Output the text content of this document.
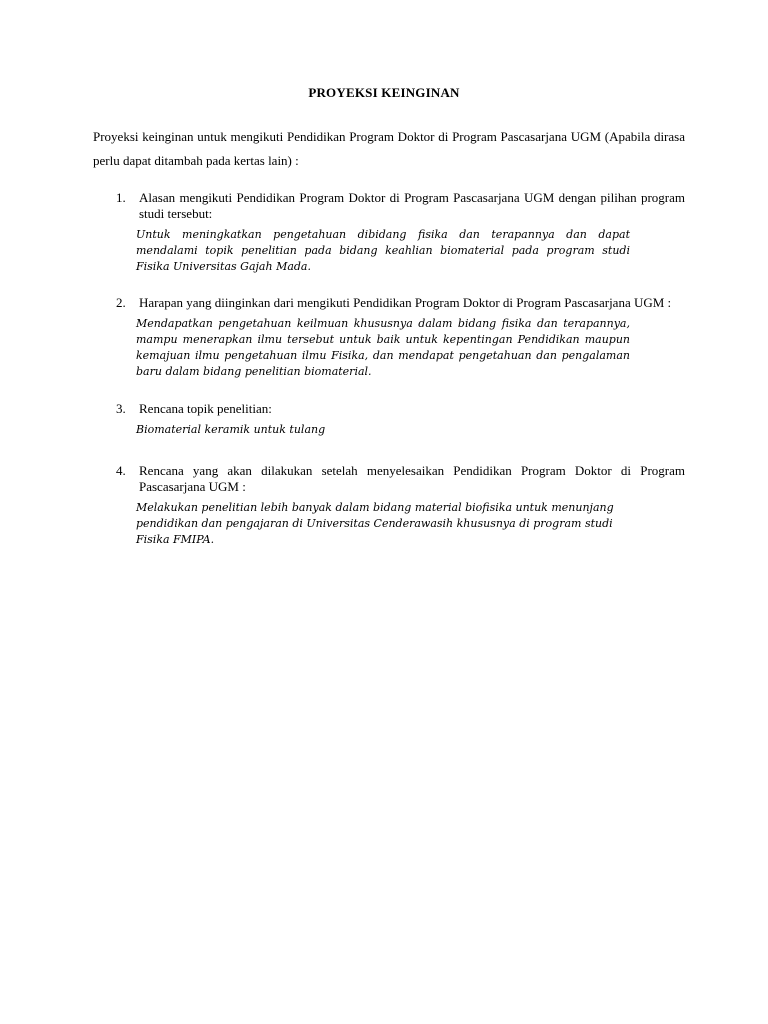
PROYEKSI KEINGINAN
Proyeksi keinginan untuk mengikuti Pendidikan Program Doktor di Program Pascasarjana UGM (Apabila dirasa perlu dapat ditambah pada kertas lain) :
1. Alasan mengikuti Pendidikan Program Doktor di Program Pascasarjana UGM dengan pilihan program studi tersebut:
Untuk meningkatkan pengetahuan dibidang fisika dan terapannya dan dapat mendalami topik penelitian pada bidang keahlian biomaterial pada program studi Fisika Universitas Gajah Mada.
2. Harapan yang diinginkan dari mengikuti Pendidikan Program Doktor di Program Pascasarjana UGM :
Mendapatkan pengetahuan keilmuan khususnya dalam bidang fisika dan terapannya, mampu menerapkan ilmu tersebut untuk baik untuk kepentingan Pendidikan maupun kemajuan ilmu pengetahuan ilmu Fisika, dan mendapat pengetahuan dan pengalaman baru dalam bidang penelitian biomaterial.
3. Rencana topik penelitian:
Biomaterial keramik untuk tulang
4. Rencana yang akan dilakukan setelah menyelesaikan Pendidikan Program Doktor di Program Pascasarjana UGM :
Melakukan penelitian lebih banyak dalam bidang material biofisika untuk menunjang pendidikan dan pengajaran di Universitas Cenderawasih khususnya di program studi Fisika FMIPA.
